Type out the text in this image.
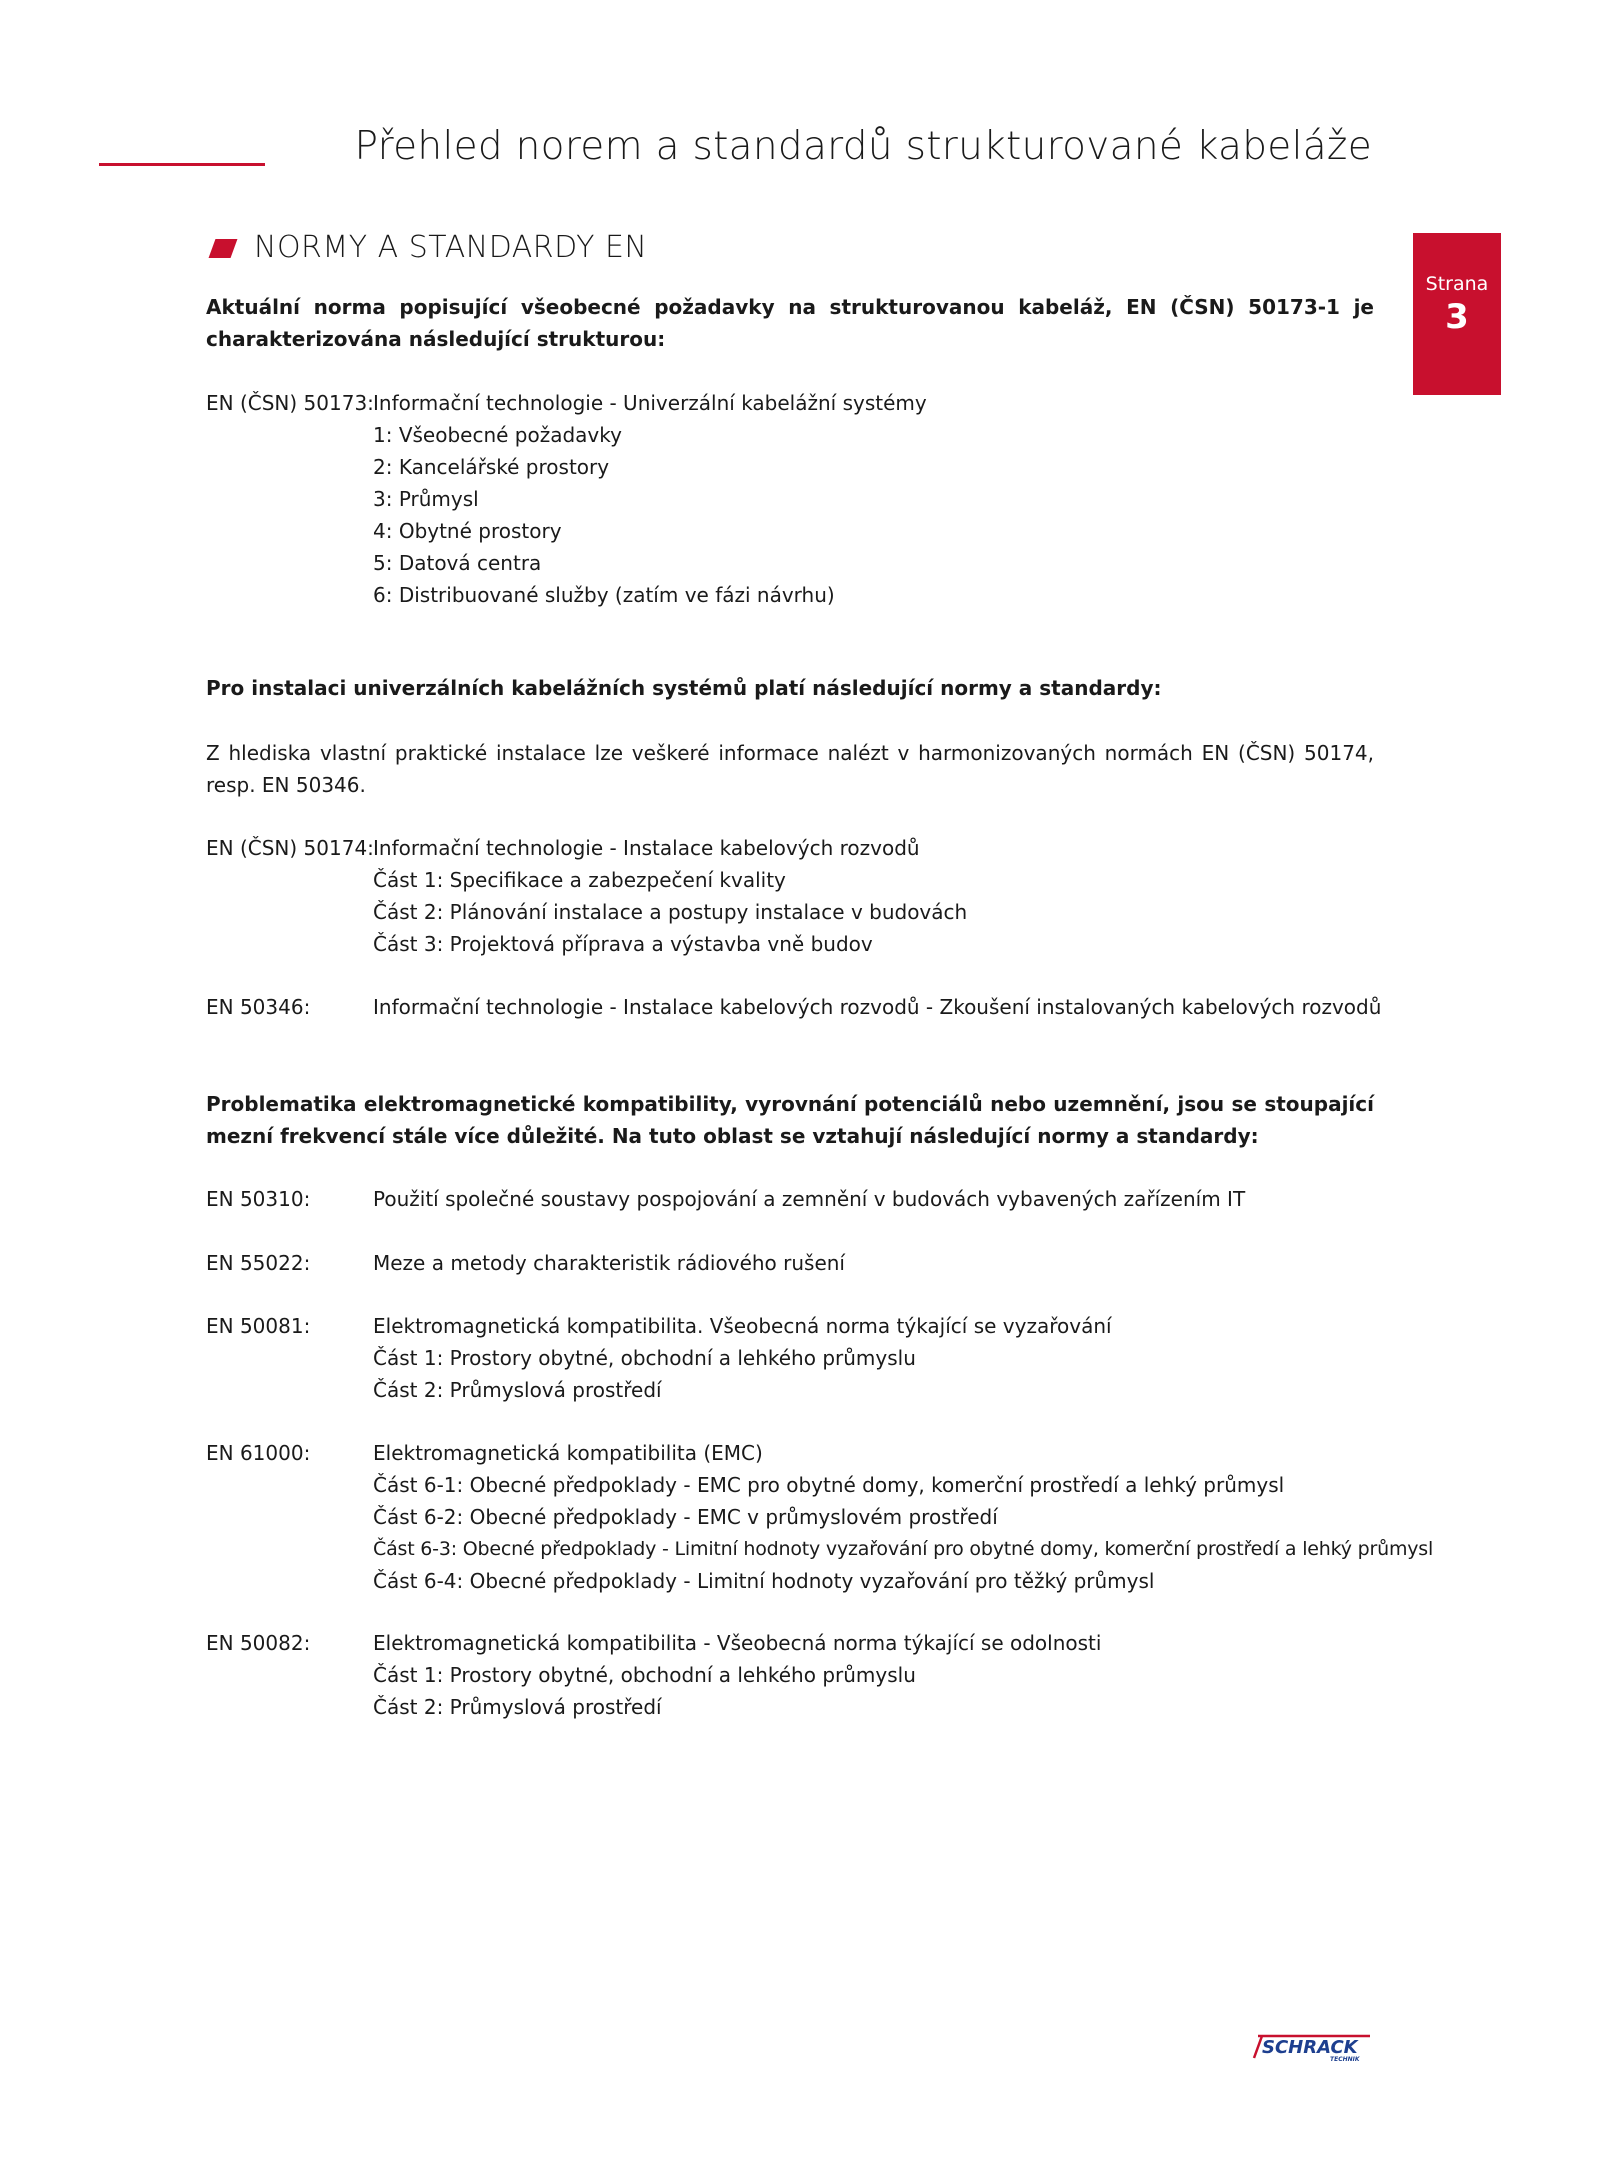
Přehled norem a standardů strukturované kabeláže
Strana
3
NORMY A STANDARDY EN

Aktuální norma popisující všeobecné požadavky na strukturovanou kabeláž, EN (ČSN) 50173-1 je charakterizována následující strukturou:

EN (ČSN) 50173: Informační technologie - Univerzální kabelážní systémy
1: Všeobecné požadavky
2: Kancelářské prostory
3: Průmysl
4: Obytné prostory
5: Datová centra
6: Distribuované služby (zatím ve fázi návrhu)

Pro instalaci univerzálních kabelážních systémů platí následující normy a standardy:

Z hlediska vlastní praktické instalace lze veškeré informace nalézt v harmonizovaných normách EN (ČSN) 50174, resp. EN 50346.

EN (ČSN) 50174: Informační technologie - Instalace kabelových rozvodů
Část 1: Specifikace a zabezpečení kvality
Část 2: Plánování instalace a postupy instalace v budovách
Část 3: Projektová příprava a výstavba vně budov
EN 50346:	Informační technologie - Instalace kabelových rozvodů - Zkoušení instalovaných kabelových rozvodů

Problematika elektromagnetické kompatibility, vyrovnání potenciálů nebo uzemnění, jsou se stoupající mezní frekvencí stále více důležité. Na tuto oblast se vztahují následující normy a standardy:

EN 50310:	Použití společné soustavy pospojování a zemnění v budovách vybavených zařízením IT
EN 55022:	Meze a metody charakteristik rádiového rušení
EN 50081:	Elektromagnetická kompatibilita. Všeobecná norma týkající se vyzařování
Část 1: Prostory obytné, obchodní a lehkého průmyslu
Část 2: Průmyslová prostředí
EN 61000:	Elektromagnetická kompatibilita (EMC)
Část 6-1: Obecné předpoklady - EMC pro obytné domy, komerční prostředí a lehký průmysl
Část 6-2: Obecné předpoklady - EMC v průmyslovém prostředí
Část 6-3: Obecné předpoklady - Limitní hodnoty vyzařování pro obytné domy, komerční prostředí a lehký průmysl
Část 6-4: Obecné předpoklady - Limitní hodnoty vyzařování pro těžký průmysl
EN 50082:	Elektromagnetická kompatibilita - Všeobecná norma týkající se odolnosti
Část 1: Prostory obytné, obchodní a lehkého průmyslu
Část 2: Průmyslová prostředí
SCHRACK
TECHNIK
